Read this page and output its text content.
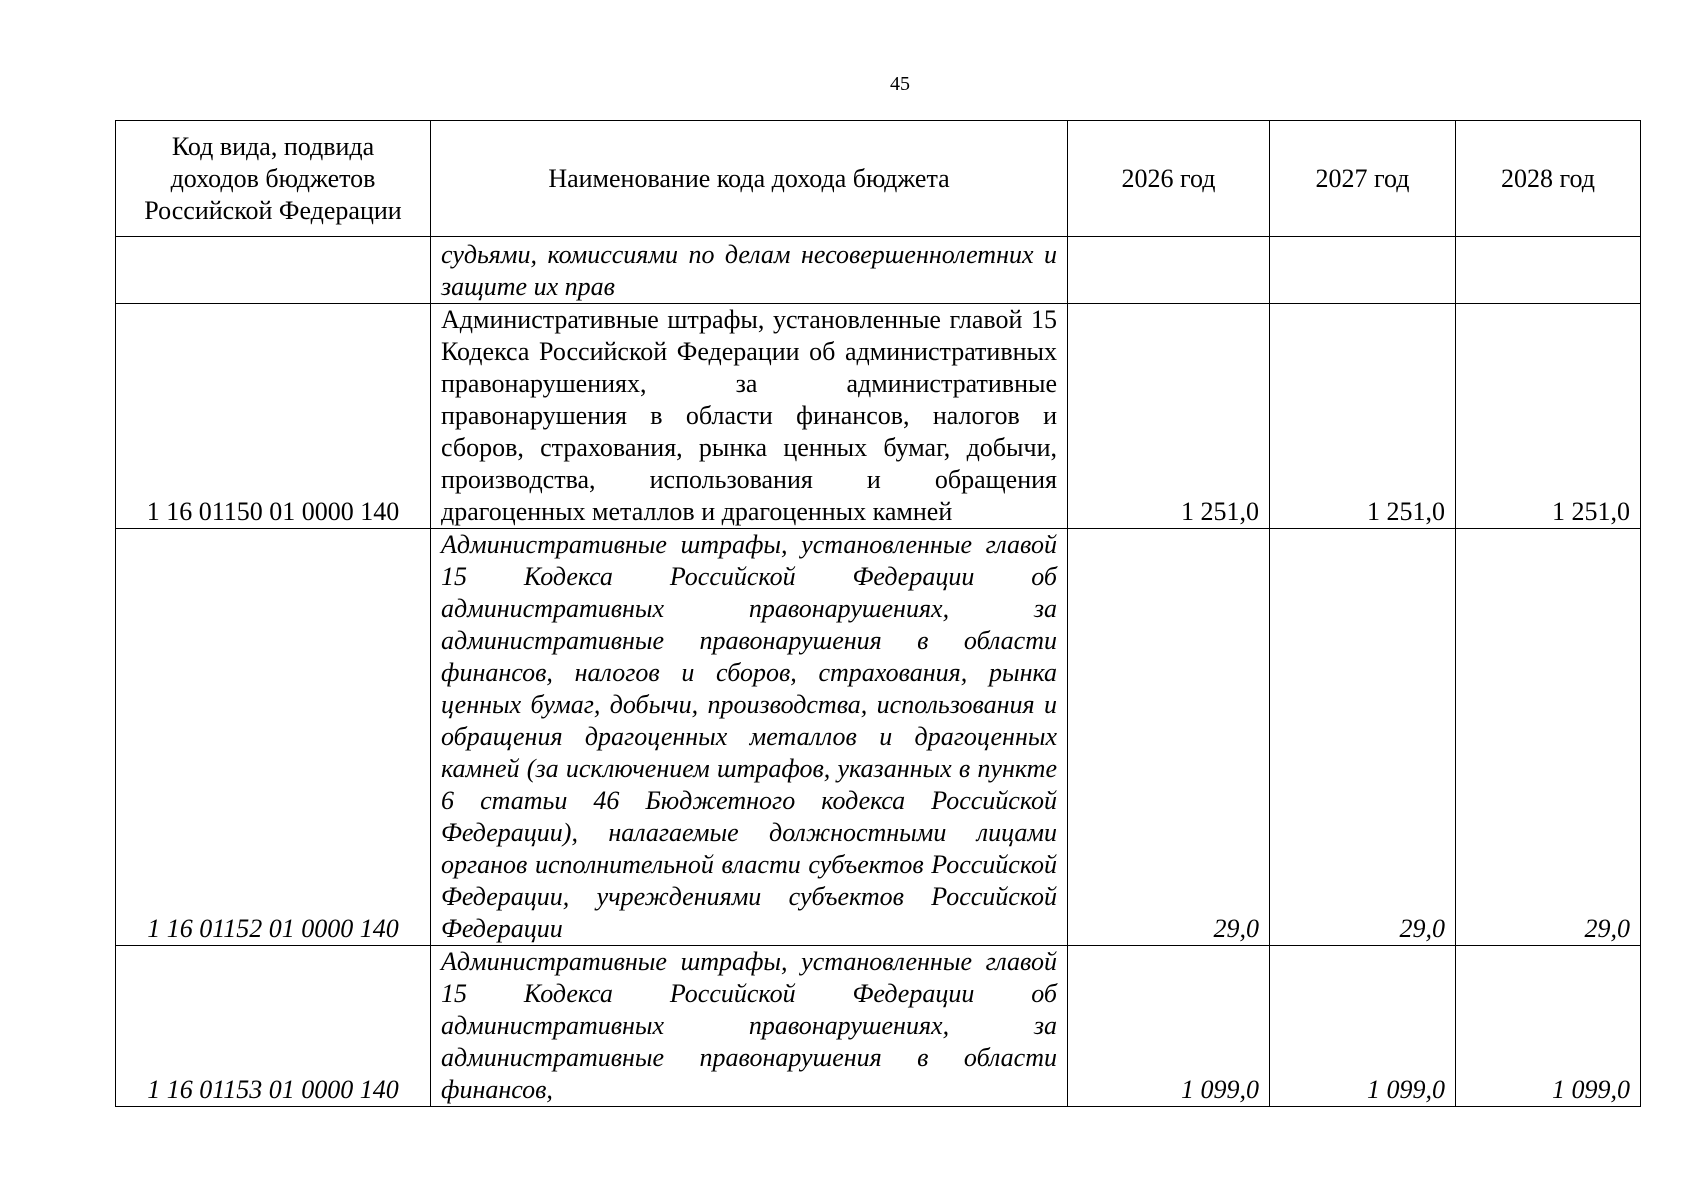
45
Код вида, подвида доходов бюджетов Российской Федерации	Наименование кода дохода бюджета	2026 год	2027 год	2028 год
	судьями, комиссиями по делам несовершеннолетних и защите их прав			
1 16 01150 01 0000 140	Административные штрафы, установленные главой 15 Кодекса Российской Федерации об административных правонарушениях, за административные правонарушения в области финансов, налогов и сборов, страхования, рынка ценных бумаг, добычи, производства, использования и обращения драгоценных металлов и драгоценных камней	1 251,0	1 251,0	1 251,0
1 16 01152 01 0000 140	Административные штрафы, установленные главой 15 Кодекса Российской Федерации об административных правонарушениях, за административные правонарушения в области финансов, налогов и сборов, страхования, рынка ценных бумаг, добычи, производства, использования и обращения драгоценных металлов и драгоценных камней (за исключением штрафов, указанных в пункте 6 статьи 46 Бюджетного кодекса Российской Федерации), налагаемые должностными лицами органов исполнительной власти субъектов Российской Федерации, учреждениями субъектов Российской Федерации	29,0	29,0	29,0
1 16 01153 01 0000 140	Административные штрафы, установленные главой 15 Кодекса Российской Федерации об административных правонарушениях, за административные правонарушения в области финансов,	1 099,0	1 099,0	1 099,0
